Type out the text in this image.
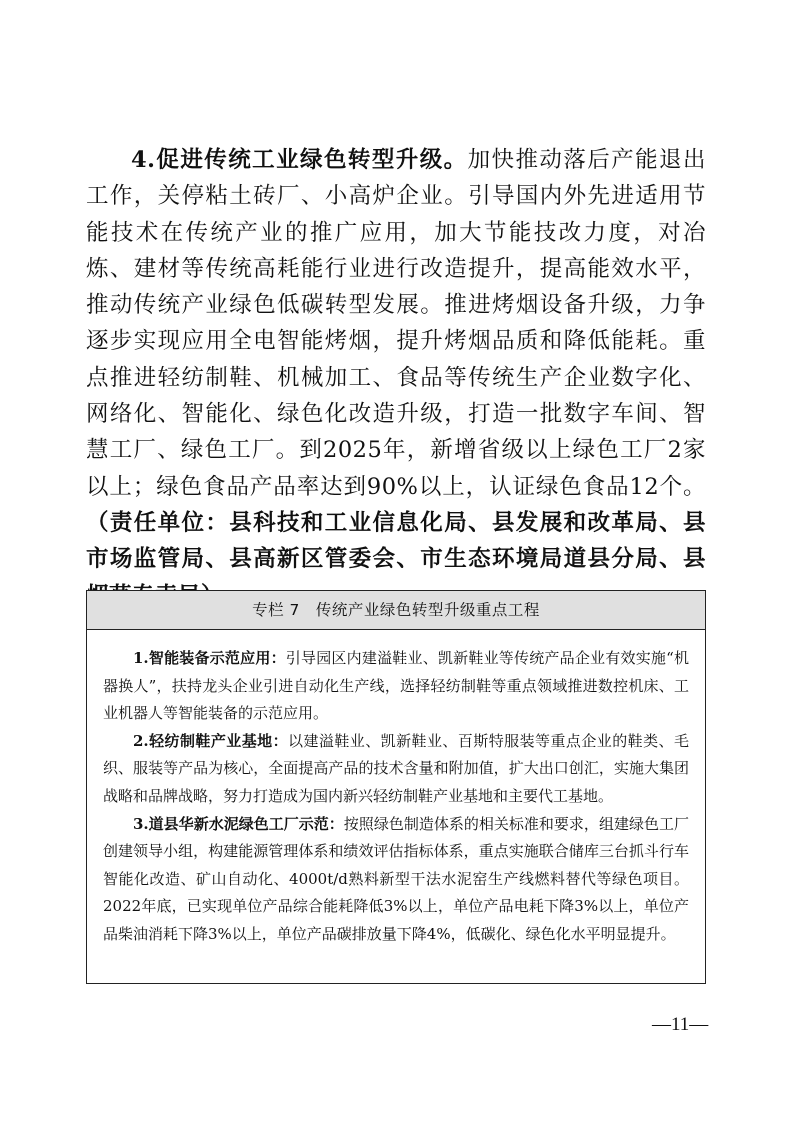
4.促进传统工业绿色转型升级。加快推动落后产能退出工作，关停粘土砖厂、小高炉企业。引导国内外先进适用节能技术在传统产业的推广应用，加大节能技改力度，对冶炼、建材等传统高耗能行业进行改造提升，提高能效水平，推动传统产业绿色低碳转型发展。推进烤烟设备升级，力争逐步实现应用全电智能烤烟，提升烤烟品质和降低能耗。重点推进轻纺制鞋、机械加工、食品等传统生产企业数字化、网络化、智能化、绿色化改造升级，打造一批数字车间、智慧工厂、绿色工厂。到2025年，新增省级以上绿色工厂2家以上；绿色食品产品率达到90%以上，认证绿色食品12个。（责任单位：县科技和工业信息化局、县发展和改革局、县市场监管局、县高新区管委会、市生态环境局道县分局、县
专栏 7 传统产业绿色转型升级重点工程

1.智能装备示范应用：引导园区内建溢鞋业、凯新鞋业等传统产品企业有效实施“机器换人”，扶持龙头企业引进自动化生产线，选择轻纺制鞋等重点领域推进数控机床、工业机器人等智能装备的示范应用。

2.轻纺制鞋产业基地：以建溢鞋业、凯新鞋业、百斯特服装等重点企业的鞋类、毛织、服装等产品为核心，全面提高产品的技术含量和附加值，扩大出口创汇，实施大集团战略和品牌战略，努力打造成为国内新兴轻纺制鞋产业基地和主要代工基地。

3.道县华新水泥绿色工厂示范：按照绿色制造体系的相关标准和要求，组建绿色工厂创建领导小组，构建能源管理体系和绩效评估指标体系，重点实施联合储库三台抓斗行车智能化改造、矿山自动化、4000t/d熟料新型干法水泥窑生产线燃料替代等绿色项目。2022年底，已实现单位产品综合能耗降低3%以上，单位产品电耗下降3%以上，单位产品柴油消耗下降3%以上，单位产品碳排放量下降4%，低碳化、绿色化水平明显提升。

—11—
